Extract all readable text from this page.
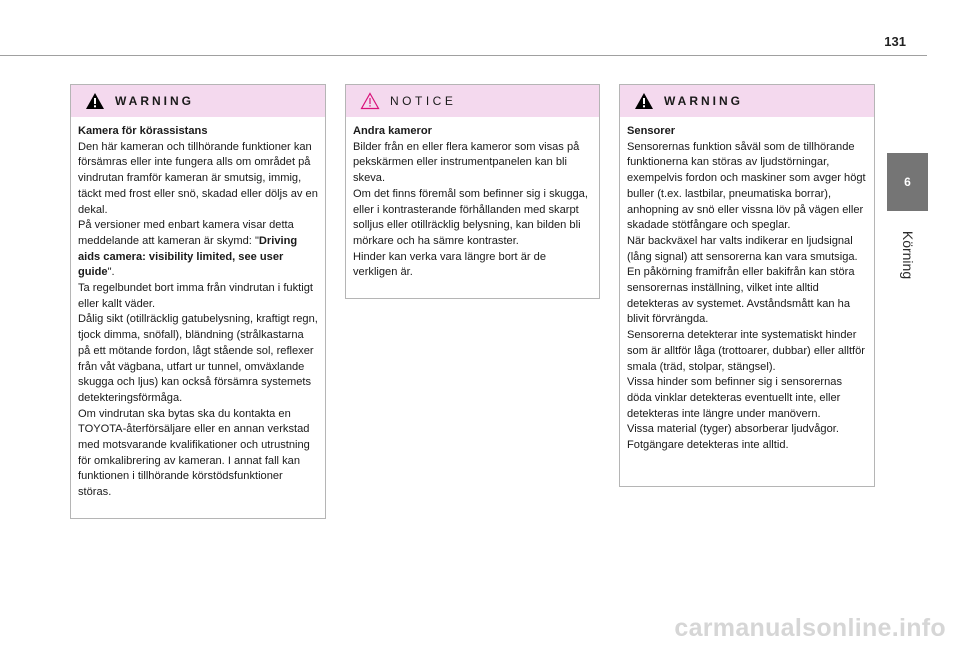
131
6
Körning
WARNING

Kamera för körassistans

Den här kameran och tillhörande funktioner kan försämras eller inte fungera alls om området på vindrutan framför kameran är smutsig, immig, täckt med frost eller snö, skadad eller döljs av en dekal.

På versioner med enbart kamera visar detta meddelande att kameran är skymd: "Driving aids camera: visibility limited, see user guide".

Ta regelbundet bort imma från vindrutan i fuktigt eller kallt väder.

Dålig sikt (otillräcklig gatubelysning, kraftigt regn, tjock dimma, snöfall), bländning (strålkastarna på ett mötande fordon, lågt stående sol, reflexer från våt vägbana, utfart ur tunnel, omväxlande skugga och ljus) kan också försämra systemets detekteringsförmåga.

Om vindrutan ska bytas ska du kontakta en TOYOTA-återförsäljare eller en annan verkstad med motsvarande kvalifikationer och utrustning för omkalibrering av kameran. I annat fall kan funktionen i tillhörande körstödsfunktioner störas.

NOTICE

Andra kameror

Bilder från en eller flera kameror som visas på pekskärmen eller instrumentpanelen kan bli skeva.

Om det finns föremål som befinner sig i skugga, eller i kontrasterande förhållanden med skarpt solljus eller otillräcklig belysning, kan bilden bli mörkare och ha sämre kontraster.

Hinder kan verka vara längre bort är de verkligen är.

WARNING

Sensorer

Sensorernas funktion såväl som de tillhörande funktionerna kan störas av ljudstörningar, exempelvis fordon och maskiner som avger högt buller (t.ex. lastbilar, pneumatiska borrar), anhopning av snö eller vissna löv på vägen eller skadade stötfångare och speglar.

När backväxel har valts indikerar en ljudsignal (lång signal) att sensorerna kan vara smutsiga.

En påkörning framifrån eller bakifrån kan störa sensorernas inställning, vilket inte alltid detekteras av systemet. Avståndsmått kan ha blivit förvrängda.

Sensorerna detekterar inte systematiskt hinder som är alltför låga (trottoarer, dubbar) eller alltför smala (träd, stolpar, stängsel).

Vissa hinder som befinner sig i sensorernas döda vinklar detekteras eventuellt inte, eller detekteras inte längre under manövern.

Vissa material (tyger) absorberar ljudvågor.

Fotgängare detekteras inte alltid.

carmanualsonline.info
